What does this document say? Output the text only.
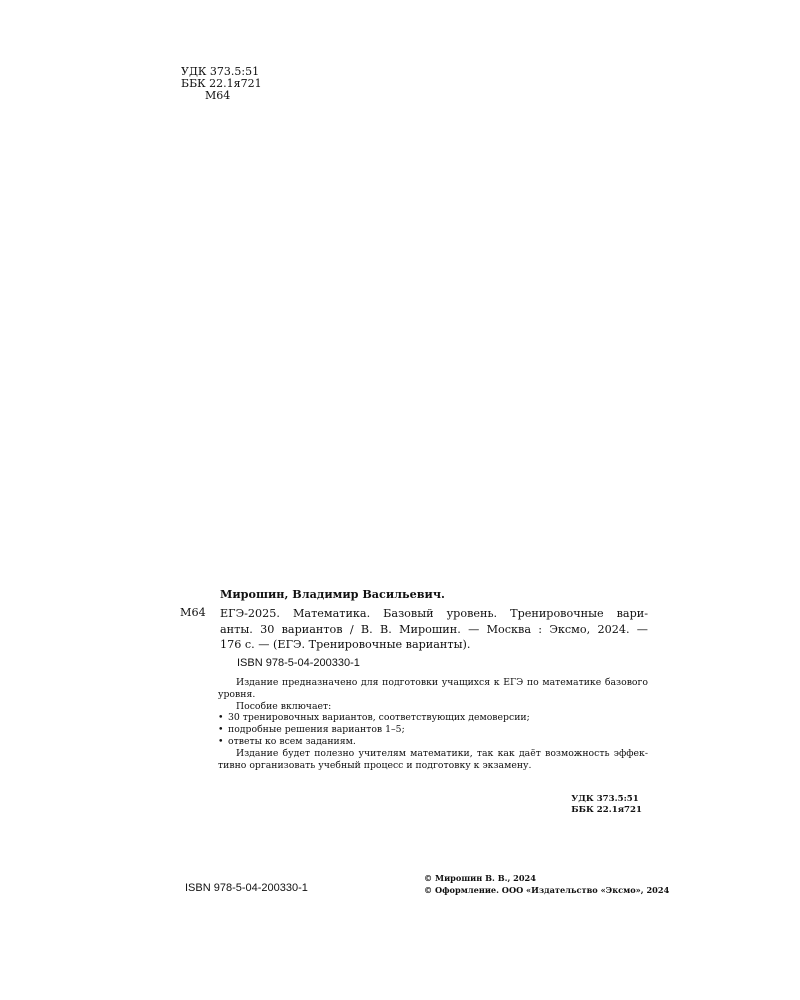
УДК 373.5:51
ББК 22.1я721
М64
Мирошин, Владимир Васильевич.
М64 ЕГЭ-2025. Математика. Базовый уровень. Тренировочные вари-
анты. 30 вариантов / В. В. Мирошин. — Москва : Эксмо, 2024. —
176 с. — (ЕГЭ. Тренировочные варианты).
ISBN 978-5-04-200330-1
Издание предназначено для подготовки учащихся к ЕГЭ по математике базового
уровня.
Пособие включает:
• 30 тренировочных вариантов, соответствующих демоверсии;
• подробные решения вариантов 1–5;
• ответы ко всем заданиям.
Издание будет полезно учителям математики, так как даёт возможность эффек-
тивно организовать учебный процесс и подготовку к экзамену.
УДК 373.5:51
ББК 22.1я721
ISBN 978-5-04-200330-1
© Мирошин В. В., 2024
© Оформление. ООО «Издательство «Эксмо», 2024
